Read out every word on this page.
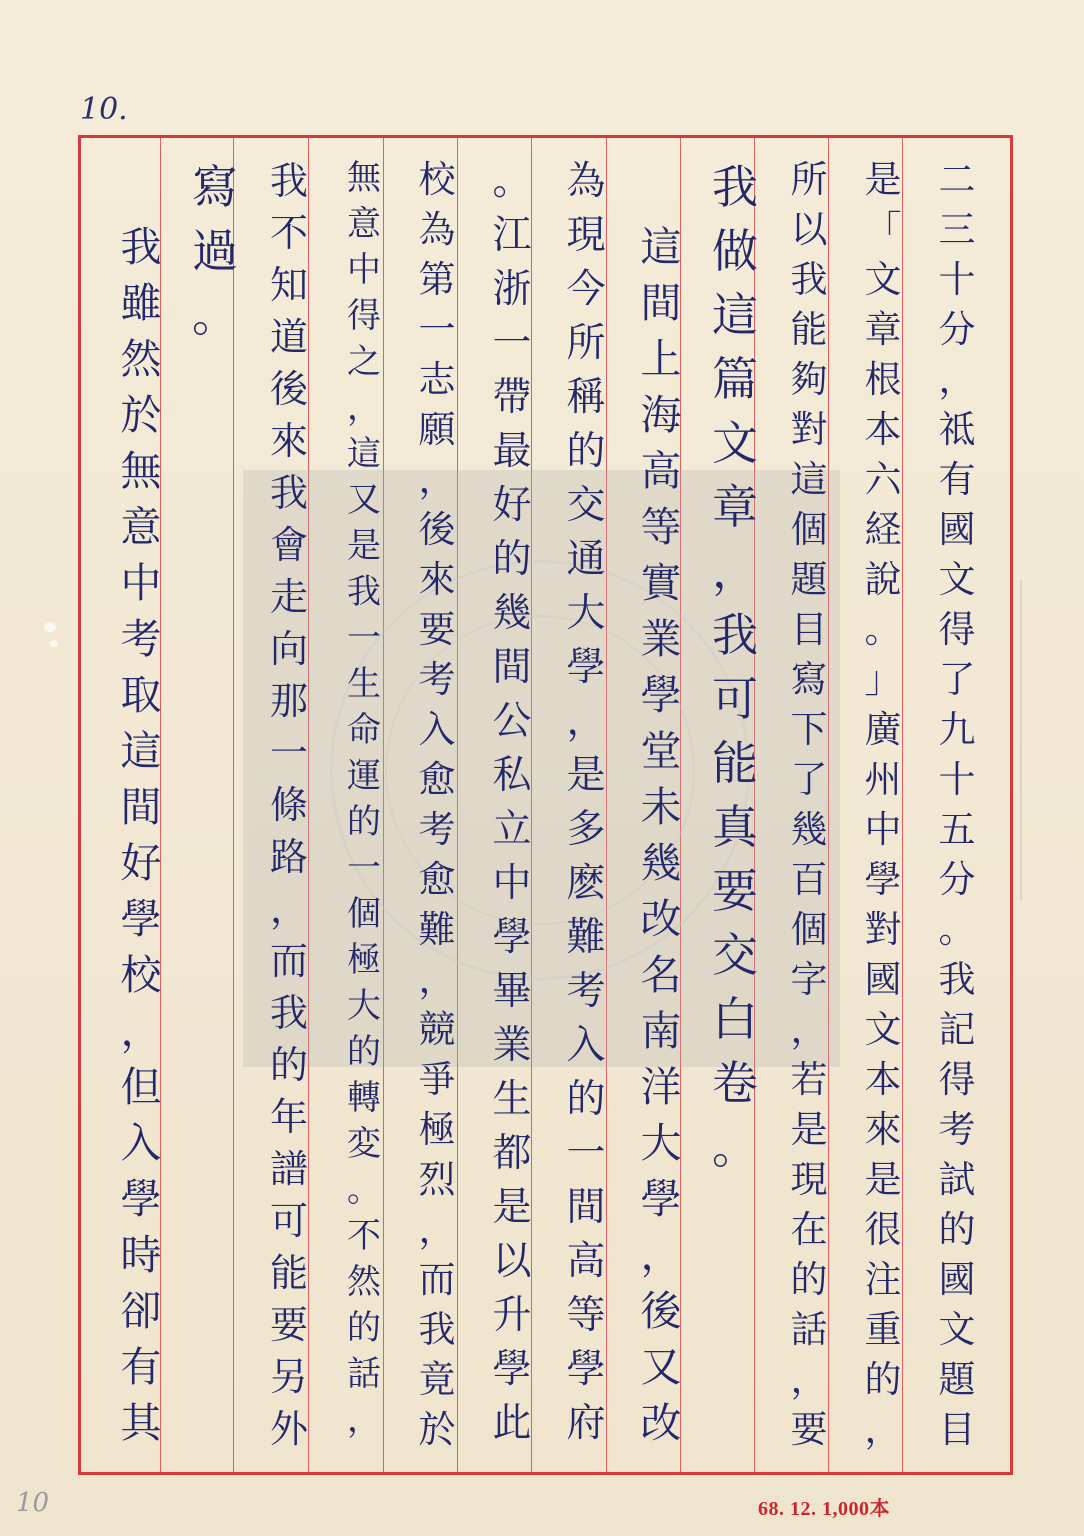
10.
二
三
十
分
，
祗
有
國
文
得
了
九
十
五
分
。
我
記
得
考
試
的
國
文
題
目
是
「
文
章
根
本
六
経
說
。
」
廣
州
中
學
對
國
文
本
來
是
很
注
重
的
，
所
以
我
能
夠
對
這
個
題
目
寫
下
了
幾
百
個
字
，
若
是
現
在
的
話
，
要
我
做
這
篇
文
章
，
我
可
能
真
要
交
白
卷
。
這
間
上
海
高
等
實
業
學
堂
未
幾
改
名
南
洋
大
學
，
後
又
改
為
現
今
所
稱
的
交
通
大
學
，
是
多
麽
難
考
入
的
一
間
高
等
學
府
。
江
浙
一
帶
最
好
的
幾
間
公
私
立
中
學
畢
業
生
都
是
以
升
學
此
校
為
第
一
志
願
，
後
來
要
考
入
愈
考
愈
難
，
競
爭
極
烈
，
而
我
竟
於
無
意
中
得
之
，
這
又
是
我
一
生
命
運
的
一
個
極
大
的
轉
変
。
不
然
的
話
，
我
不
知
道
後
來
我
會
走
向
那
一
條
路
，
而
我
的
年
譜
可
能
要
另
外
寫
過
。
我
雖
然
於
無
意
中
考
取
這
間
好
學
校
，
但
入
學
時
卻
有
其
68. 12. 1,000本
10
